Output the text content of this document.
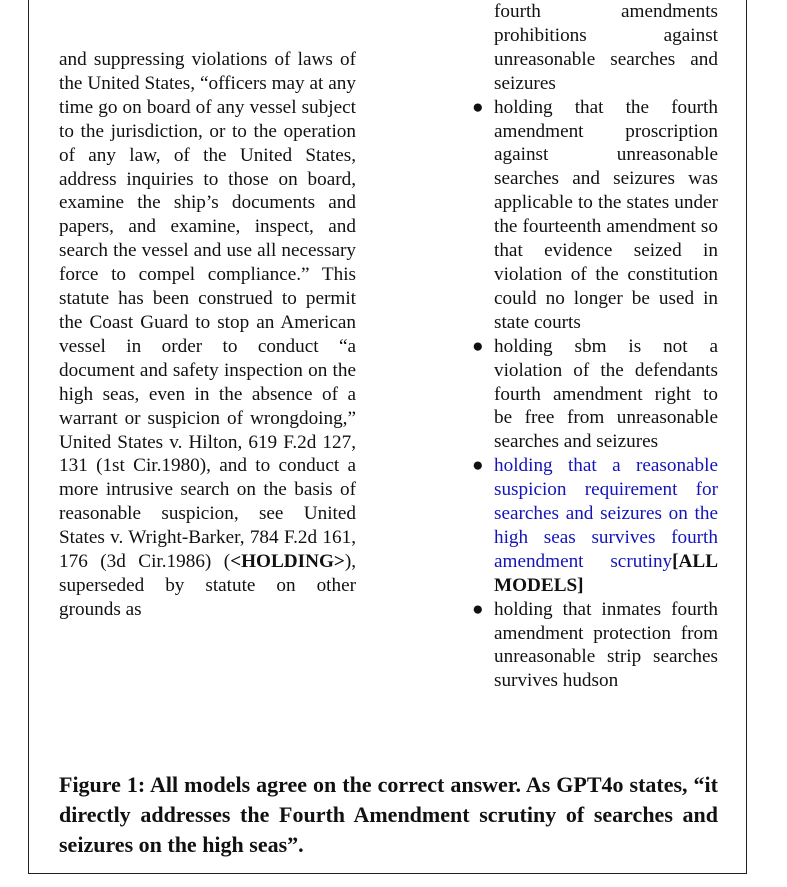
and suppressing violations of laws of the United States, “officers may at any time go on board of any vessel subject to the jurisdiction, or to the operation of any law, of the United States, address inquiries to those on board, examine the ship’s documents and papers, and examine, inspect, and search the vessel and use all necessary force to compel compliance.” This statute has been construed to permit the Coast Guard to stop an American vessel in order to conduct “a document and safety inspection on the high seas, even in the absence of a warrant or suspicion of wrongdoing,” United States v. Hilton, 619 F.2d 127, 131 (1st Cir.1980), and to conduct a more intrusive search on the basis of reasonable suspicion, see United States v. Wright-Barker, 784 F.2d 161, 176 (3d Cir.1986) (<HOLDING>), superseded by statute on other grounds as

fourth amendments prohibitions against unreasonable searches and seizures
● holding that the fourth amendment proscription against unreasonable searches and seizures was applicable to the states under the fourteenth amendment so that evidence seized in violation of the constitution could no longer be used in state courts
● holding sbm is not a violation of the defendants fourth amendment right to be free from unreasonable searches and seizures
● holding that a reasonable suspicion requirement for searches and seizures on the high seas survives fourth amendment scrutiny[ALL MODELS]
● holding that inmates fourth amendment protection from unreasonable strip searches survives hudson
Figure 1: All models agree on the correct answer. As GPT4o states, “it directly addresses the Fourth Amendment scrutiny of searches and seizures on the high seas”.
